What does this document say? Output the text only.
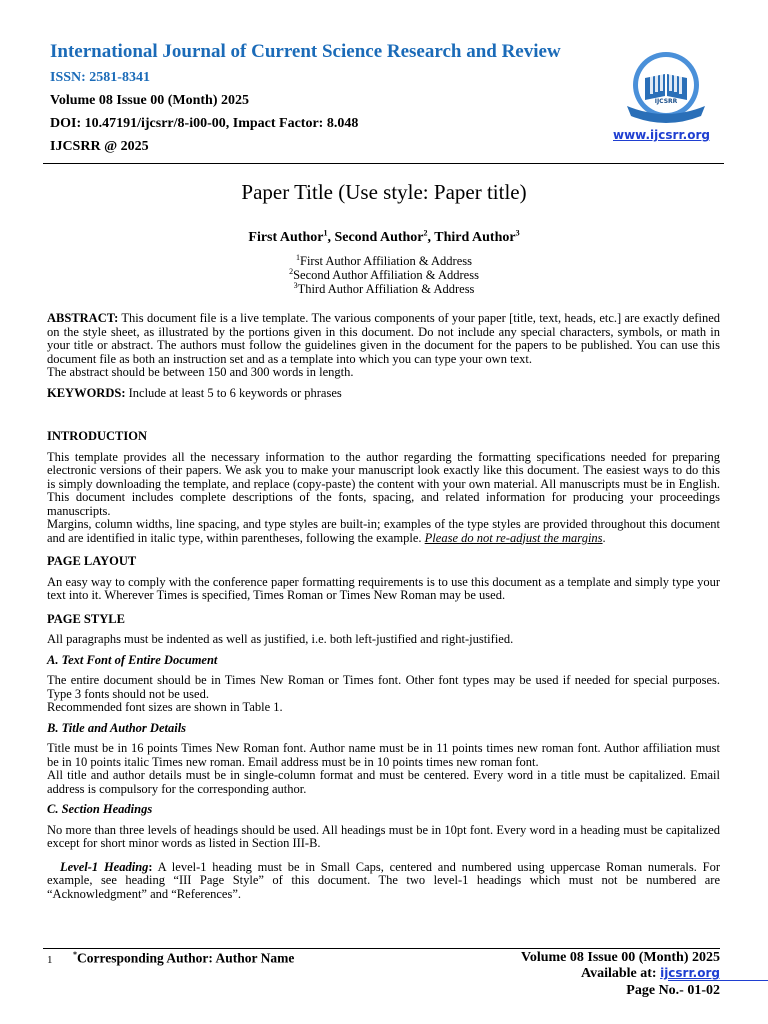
International Journal of Current Science Research and Review
ISSN: 2581-8341
Volume 08 Issue 00 (Month) 2025
DOI: 10.47191/ijcsrr/8-i00-00, Impact Factor: 8.048
IJCSRR @ 2025
IJCSRR
www.ijcsrr.org
Paper Title (Use style: Paper title)
First Author$^1$, Second Author$^2$, Third Author$^3$
$^1$First Author Affiliation & Address
$^2$Second Author Affiliation & Address
$^3$Third Author Affiliation & Address

ABSTRACT: This document file is a live template. The various components of your paper [title, text, heads, etc.] are exactly defined on the style sheet, as illustrated by the portions given in this document. Do not include any special characters, symbols, or math in your title or abstract. The authors must follow the guidelines given in the document for the papers to be published. You can use this document file as both an instruction set and as a template into which you can type your own text.

The abstract should be between 150 and 300 words in length.

KEYWORDS: Include at least 5 to 6 keywords or phrases

INTRODUCTION

This template provides all the necessary information to the author regarding the formatting specifications needed for preparing electronic versions of their papers. We ask you to make your manuscript look exactly like this document. The easiest ways to do this is simply downloading the template, and replace (copy-paste) the content with your own material. All manuscripts must be in English. This document includes complete descriptions of the fonts, spacing, and related information for producing your proceedings manuscripts.

Margins, column widths, line spacing, and type styles are built-in; examples of the type styles are provided throughout this document and are identified in italic type, within parentheses, following the example. Please do not re-adjust the margins.

PAGE LAYOUT

An easy way to comply with the conference paper formatting requirements is to use this document as a template and simply type your text into it. Wherever Times is specified, Times Roman or Times New Roman may be used.

PAGE STYLE

All paragraphs must be indented as well as justified, i.e. both left-justified and right-justified.

A. Text Font of Entire Document

The entire document should be in Times New Roman or Times font. Other font types may be used if needed for special purposes. Type 3 fonts should not be used.

Recommended font sizes are shown in Table 1.

B. Title and Author Details

Title must be in 16 points Times New Roman font. Author name must be in 11 points times new roman font. Author affiliation must be in 10 points italic Times new roman. Email address must be in 10 points times new roman font.

All title and author details must be in single-column format and must be centered. Every word in a title must be capitalized. Email address is compulsory for the corresponding author.

C. Section Headings

No more than three levels of headings should be used. All headings must be in 10pt font. Every word in a heading must be capitalized except for short minor words as listed in Section III-B.

Level-1 Heading: A level-1 heading must be in Small Caps, centered and numbered using uppercase Roman numerals. For example, see heading “III Page Style” of this document. The two level-1 headings which must not be numbered are “Acknowledgment” and “References”.

1	*Corresponding Author: Author Name	Volume 08 Issue 00 (Month) 2025
Available at: ijcsrr.org
Page No.- 01-02
